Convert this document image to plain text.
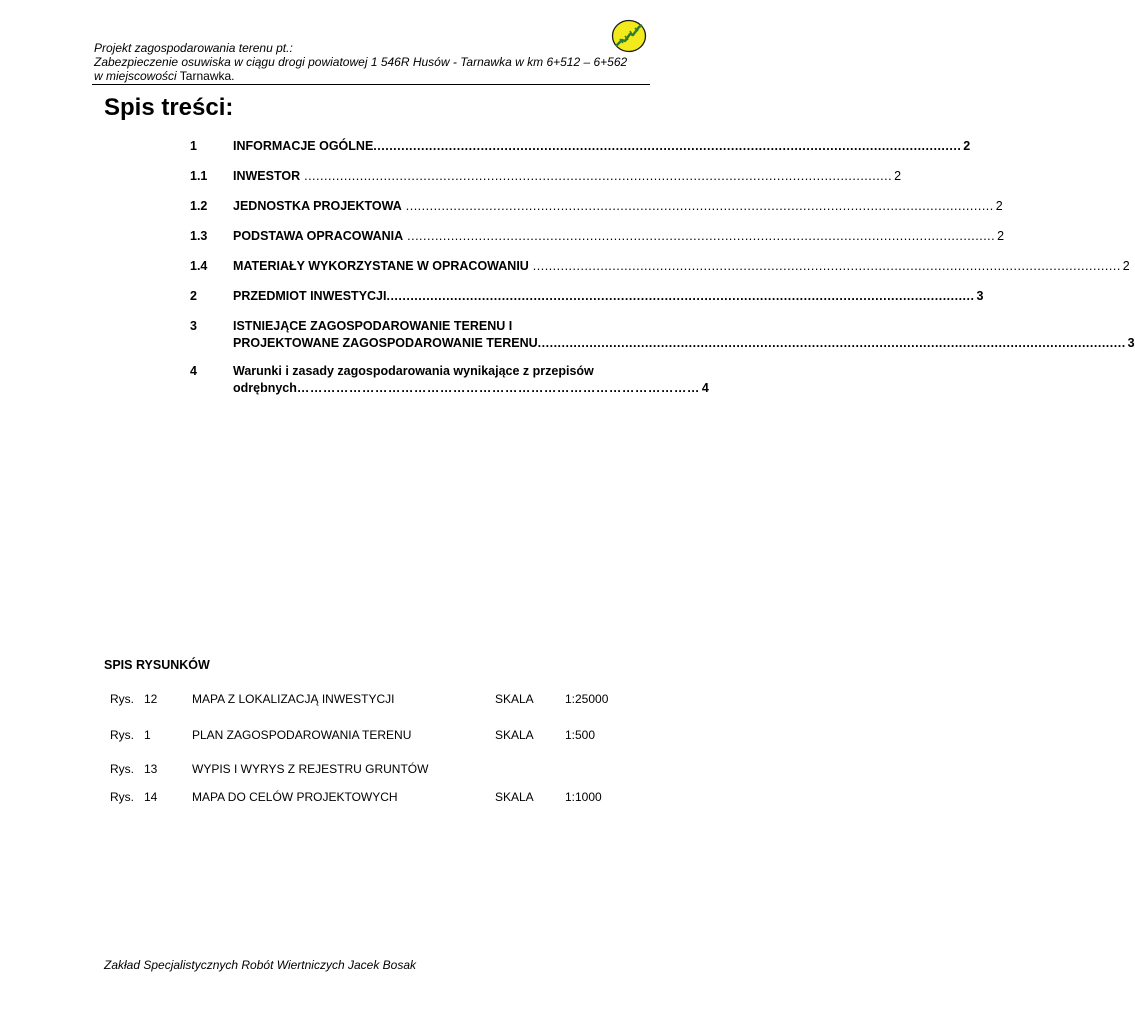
Projekt zagospodarowania terenu pt.:
Zabezpieczenie osuwiska w ciągu drogi powiatowej 1 546R Husów - Tarnawka w km 6+512 – 6+562
w miejscowości Tarnawka.
Spis treści:
1	INFORMACJE OGÓLNE .................................................................................................................................................... 2
1.1 INWESTOR .................................................................................................................................................... 2
1.2 JEDNOSTKA PROJEKTOWA .................................................................................................................................................... 2
1.3 PODSTAWA OPRACOWANIA .................................................................................................................................................... 2
1.4 MATERIAŁY WYKORZYSTANE W OPRACOWANIU .................................................................................................................................................... 2
2	PRZEDMIOT INWESTYCJI .................................................................................................................................................... 3
3	ISTNIEJĄCE ZAGOSPODAROWANIE TERENU I
PROJEKTOWANE ZAGOSPODAROWANIE TERENU .................................................................................................................................................... 3
4	Warunki i zasady zagospodarowania wynikające z przepisów
odrębnych ………………………………………………………………………………… 4
SPIS RYSUNKÓW
Rys. 12	MAPA Z LOKALIZACJĄ INWESTYCJI	SKALA	1:25000
Rys. 1	PLAN ZAGOSPODAROWANIA TERENU	SKALA	1:500
Rys. 13	WYPIS I WYRYS Z REJESTRU GRUNTÓW
Rys. 14	MAPA DO CELÓW PROJEKTOWYCH	SKALA	1:1000
Zakład Specjalistycznych Robót Wiertniczych Jacek Bosak
